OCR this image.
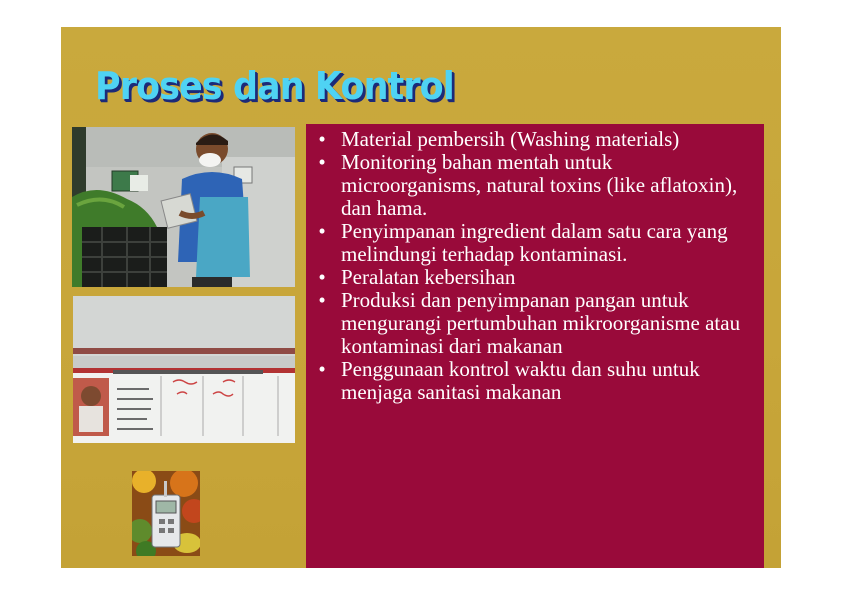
Proses dan Kontrol
• Material pembersih (Washing materials)
• Monitoring bahan mentah untuk microorganisms, natural toxins (like aflatoxin), dan hama.
• Penyimpanan ingredient dalam satu cara yang melindungi terhadap kontaminasi.
• Peralatan kebersihan
• Produksi dan penyimpanan pangan untuk mengurangi pertumbuhan mikroorganisme atau kontaminasi dari makanan
• Penggunaan kontrol waktu dan suhu untuk menjaga sanitasi makanan
